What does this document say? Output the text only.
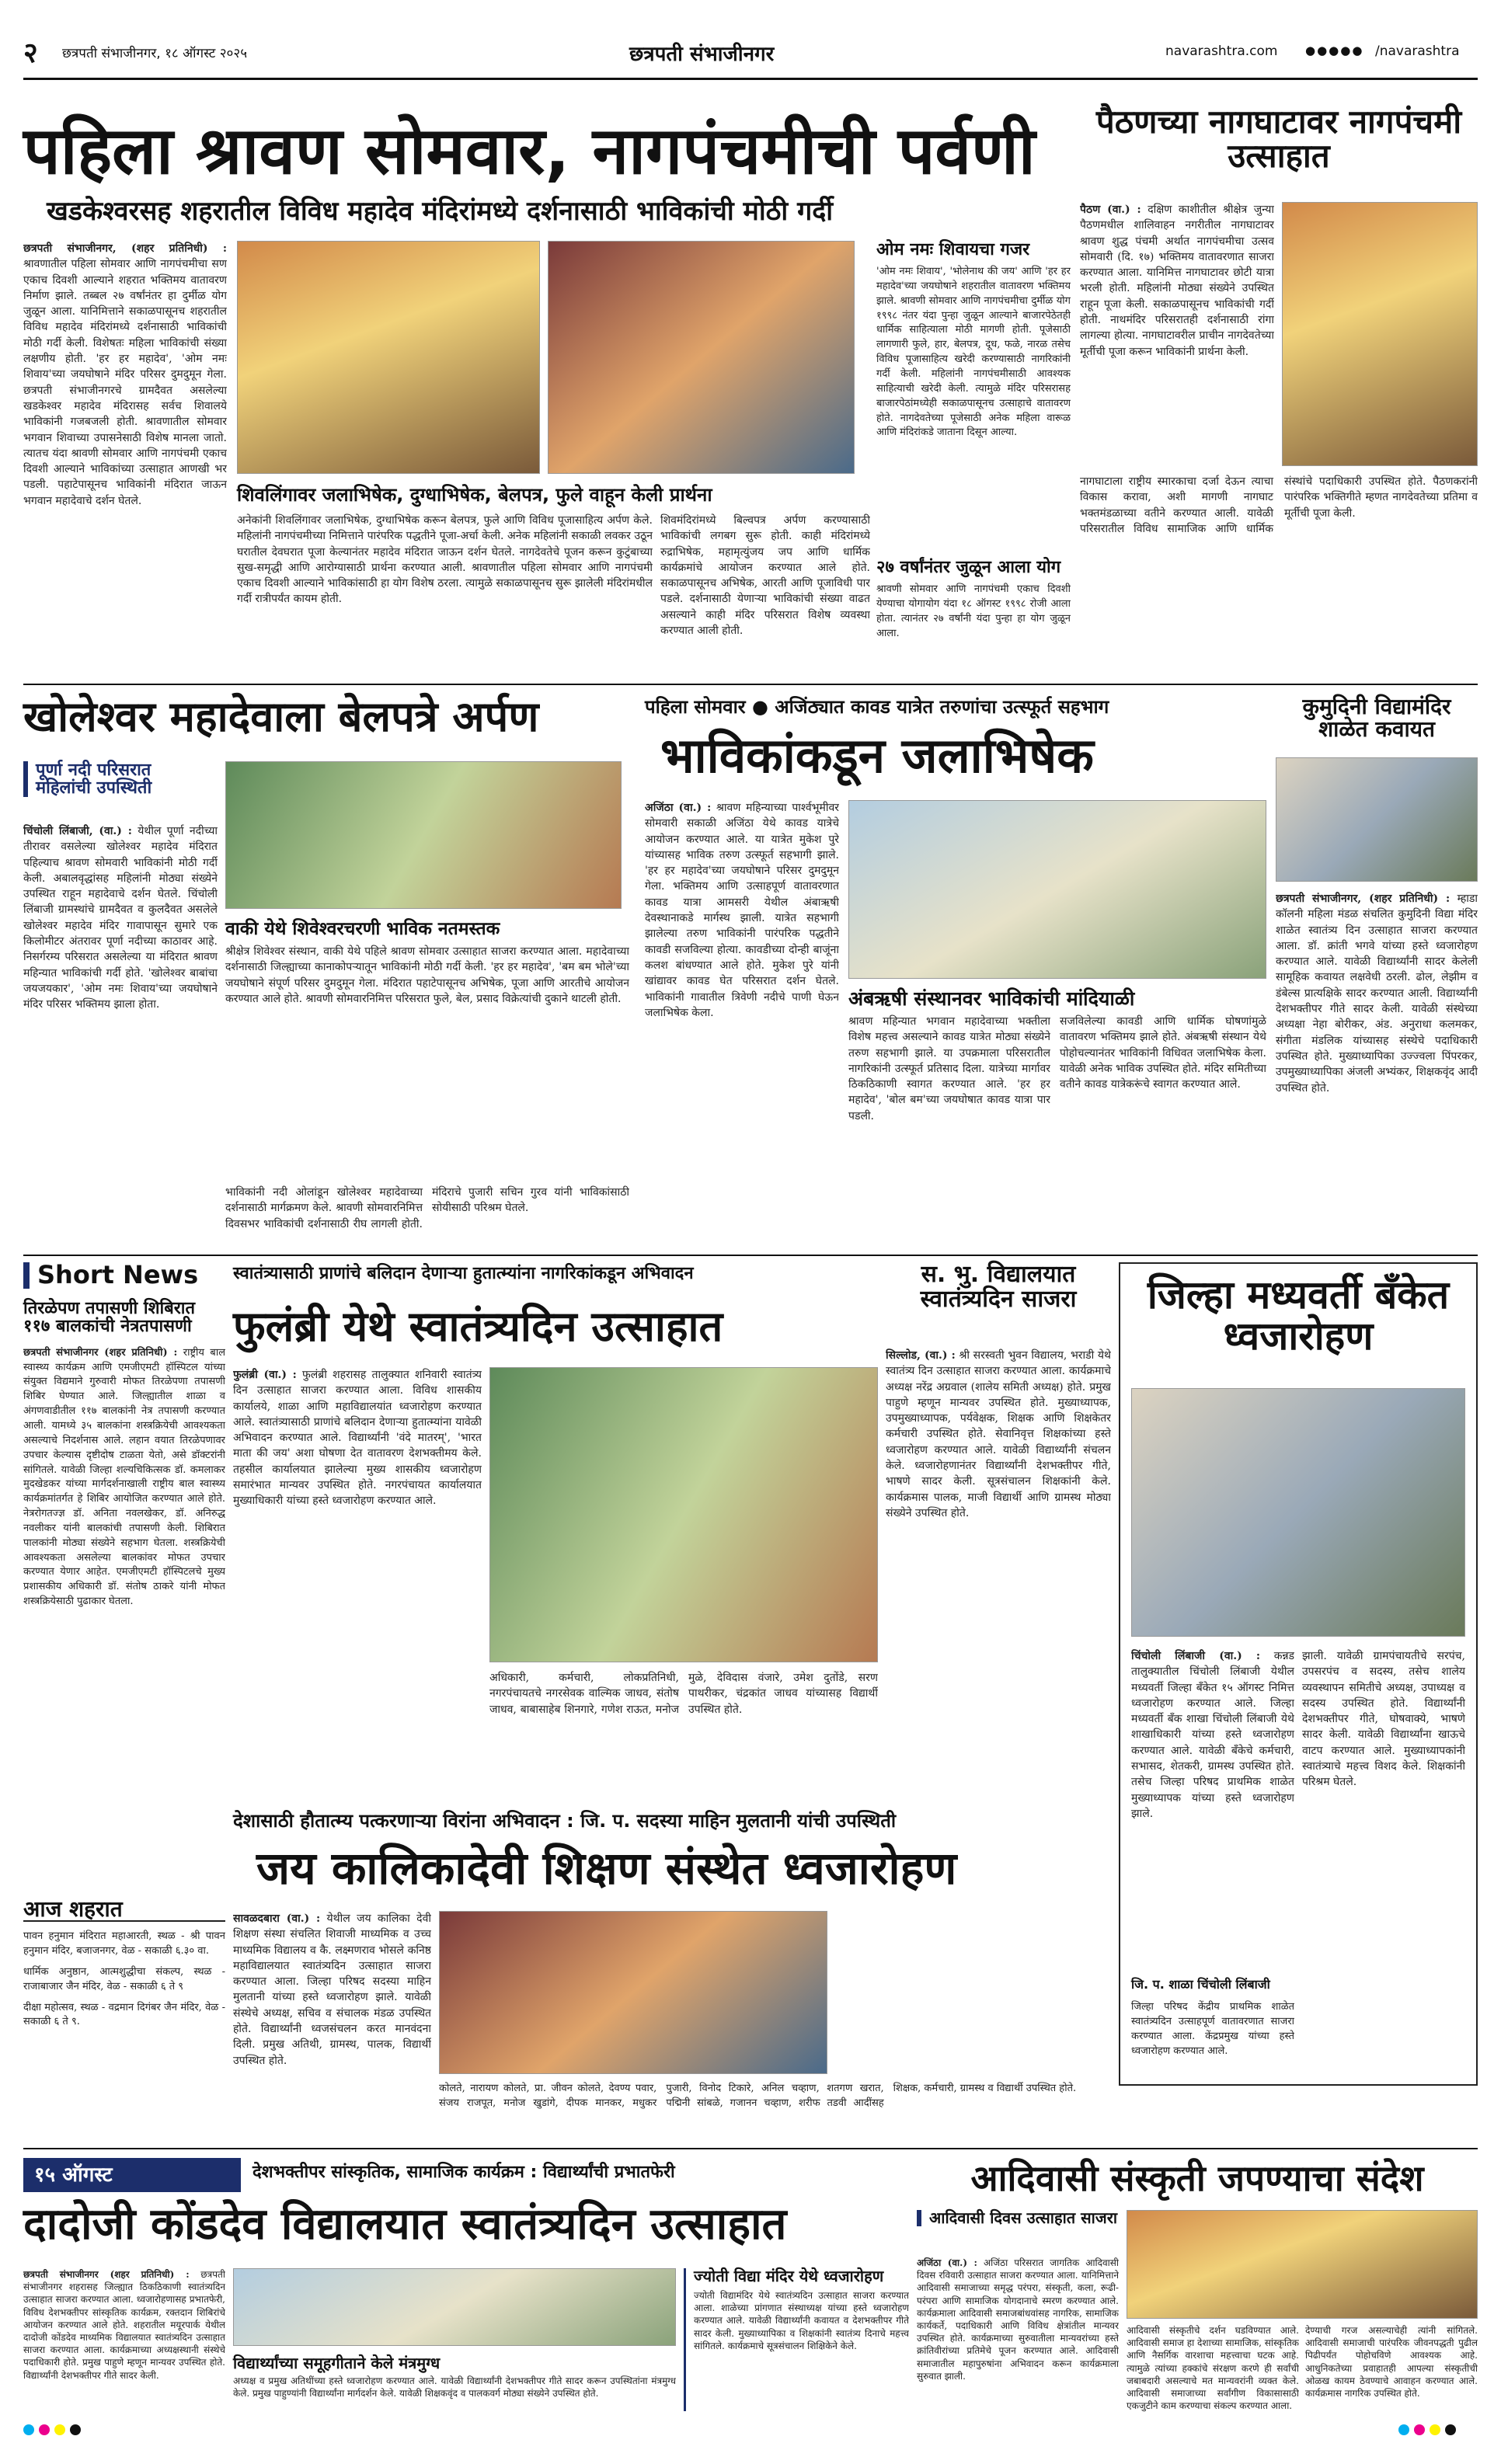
२ छत्रपती संभाजीनगर, १८ ऑगस्ट २०२५	छत्रपती संभाजीनगर	navarashtra.com ●●●●● /navarashtra
पहिला श्रावण सोमवार, नागपंचमीची पर्वणी
खडकेश्वरसह शहरातील विविध महादेव मंदिरांमध्ये दर्शनासाठी भाविकांची मोठी गर्दी
छत्रपती संभाजीनगर, (शहर प्रतिनिधी) : श्रावणातील पहिला सोमवार आणि नागपंचमीचा सण एकाच दिवशी आल्याने शहरात भक्तिमय वातावरण निर्माण झाले. तब्बल २७ वर्षांनंतर हा दुर्मीळ योग जुळून आला. यानिमित्ताने सकाळपासूनच शहरातील विविध महादेव मंदिरांमध्ये दर्शनासाठी भाविकांची मोठी गर्दी केली. विशेषतः महिला भाविकांची संख्या लक्षणीय होती. 'हर हर महादेव', 'ओम नमः शिवाय'च्या जयघोषाने मंदिर परिसर दुमदुमून गेला. छत्रपती संभाजीनगरचे ग्रामदैवत असलेल्या खडकेश्वर महादेव मंदिरासह सर्वच शिवालये भाविकांनी गजबजली होती. श्रावणातील सोमवार भगवान शिवाच्या उपासनेसाठी विशेष मानला जातो. त्यातच यंदा श्रावणी सोमवार आणि नागपंचमी एकाच दिवशी आल्याने भाविकांच्या उत्साहात आणखी भर पडली. पहाटेपासूनच भाविकांनी मंदिरात जाऊन भगवान महादेवाचे दर्शन घेतले.	शिवलिंगावर जलाभिषेक, दुग्धाभिषेक, बेलपत्र, फुले वाहून केली प्रार्थना
अनेकांनी शिवलिंगावर जलाभिषेक, दुग्धाभिषेक करून बेलपत्र, फुले आणि विविध पूजासाहित्य अर्पण केले. महिलांनी नागपंचमीच्या निमित्ताने पारंपरिक पद्धतीने पूजा-अर्चा केली. अनेक महिलांनी सकाळी लवकर उठून घरातील देवघरात पूजा केल्यानंतर महादेव मंदिरात जाऊन दर्शन घेतले. नागदेवतेचे पूजन करून कुटुंबाच्या सुख-समृद्धी आणि आरोग्यासाठी प्रार्थना करण्यात आली. श्रावणातील पहिला सोमवार आणि नागपंचमी एकाच दिवशी आल्याने भाविकांसाठी हा योग विशेष ठरला. त्यामुळे सकाळपासूनच सुरू झालेली मंदिरांमधील गर्दी रात्रीपर्यंत कायम होती.
शिवमंदिरांमध्ये बिल्वपत्र अर्पण करण्यासाठी भाविकांची लगबग सुरू होती. काही मंदिरांमध्ये रुद्राभिषेक, महामृत्युंजय जप आणि धार्मिक कार्यक्रमांचे आयोजन करण्यात आले होते. सकाळपासूनच अभिषेक, आरती आणि पूजाविधी पार पडले. दर्शनासाठी येणाऱ्या भाविकांची संख्या वाढत असल्याने काही मंदिर परिसरात विशेष व्यवस्था करण्यात आली होती.
ओम नमः शिवायचा गजर
'ओम नमः शिवाय', 'भोलेनाथ की जय' आणि 'हर हर महादेव'च्या जयघोषाने शहरातील वातावरण भक्तिमय झाले. श्रावणी सोमवार आणि नागपंचमीचा दुर्मीळ योग १९९८ नंतर यंदा पुन्हा जुळून आल्याने बाजारपेठेतही धार्मिक साहित्याला मोठी मागणी होती. पूजेसाठी लागणारी फुले, हार, बेलपत्र, दूध, फळे, नारळ तसेच विविध पूजासाहित्य खरेदी करण्यासाठी नागरिकांनी गर्दी केली. महिलांनी नागपंचमीसाठी आवश्यक साहित्याची खरेदी केली. त्यामुळे मंदिर परिसरासह बाजारपेठांमध्येही सकाळपासूनच उत्साहाचे वातावरण होते. नागदेवतेच्या पूजेसाठी अनेक महिला वारूळ आणि मंदिरांकडे जाताना दिसून आल्या.
२७ वर्षांनंतर जुळून आला योग
श्रावणी सोमवार आणि नागपंचमी एकाच दिवशी येण्याचा योगायोग यंदा १८ ऑगस्ट १९९८ रोजी आला होता. त्यानंतर २७ वर्षांनी यंदा पुन्हा हा योग जुळून आला.
पैठणच्या नागघाटावर नागपंचमी उत्साहात
पैठण (वा.) : दक्षिण काशीतील श्रीक्षेत्र जुन्या पैठणमधील शालिवाहन नगरीतील नागघाटावर श्रावण शुद्ध पंचमी अर्थात नागपंचमीचा उत्सव सोमवारी (दि. १७) भक्तिमय वातावरणात साजरा करण्यात आला. यानिमित्त नागघाटावर छोटी यात्रा भरली होती. महिलांनी मोठ्या संख्येने उपस्थित राहून पूजा केली. सकाळपासूनच भाविकांची गर्दी होती. नाथमंदिर परिसरातही दर्शनासाठी रांगा लागल्या होत्या. नागघाटावरील प्राचीन नागदेवतेच्या मूर्तीची पूजा करून भाविकांनी प्रार्थना केली.
नागघाटाला राष्ट्रीय स्मारकाचा दर्जा देऊन त्याचा विकास करावा, अशी मागणी नागघाट भक्तमंडळाच्या वतीने करण्यात आली. यावेळी परिसरातील विविध सामाजिक आणि धार्मिक संस्थांचे पदाधिकारी उपस्थित होते. पैठणकरांनी पारंपरिक भक्तिगीते म्हणत नागदेवतेच्या प्रतिमा व मूर्तीची पूजा केली.
खोलेश्वर महादेवाला बेलपत्रे अर्पण
पूर्णा नदी परिसरात महिलांची उपस्थिती
चिंचोली लिंबाजी, (वा.) : येथील पूर्णा नदीच्या तीरावर वसलेल्या खोलेश्वर महादेव मंदिरात पहिल्याच श्रावण सोमवारी भाविकांनी मोठी गर्दी केली. अबालवृद्धांसह महिलांनी मोठ्या संख्येने उपस्थित राहून महादेवाचे दर्शन घेतले. चिंचोली लिंबाजी ग्रामस्थांचे ग्रामदैवत व कुलदैवत असलेले खोलेश्वर महादेव मंदिर गावापासून सुमारे एक किलोमीटर अंतरावर पूर्णा नदीच्या काठावर आहे. निसर्गरम्य परिसरात असलेल्या या मंदिरात श्रावण महिन्यात भाविकांची गर्दी होते. 'खोलेश्वर बाबांचा जयजयकार', 'ओम नमः शिवाय'च्या जयघोषाने मंदिर परिसर भक्तिमय झाला होता.
वाकी येथे शिवेश्वरचरणी भाविक नतमस्तक
श्रीक्षेत्र शिवेश्वर संस्थान, वाकी येथे पहिले श्रावण सोमवार उत्साहात साजरा करण्यात आला. महादेवाच्या दर्शनासाठी जिल्ह्याच्या कानाकोपऱ्यातून भाविकांनी मोठी गर्दी केली. 'हर हर महादेव', 'बम बम भोले'च्या जयघोषाने संपूर्ण परिसर दुमदुमून गेला. मंदिरात पहाटेपासूनच अभिषेक, पूजा आणि आरतीचे आयोजन करण्यात आले होते. श्रावणी सोमवारनिमित्त परिसरात फुले, बेल, प्रसाद विक्रेत्यांची दुकाने थाटली होती.
भाविकांनी नदी ओलांडून खोलेश्वर महादेवाच्या दर्शनासाठी मार्गक्रमण केले. श्रावणी सोमवारनिमित्त दिवसभर भाविकांची दर्शनासाठी रीघ लागली होती. मंदिराचे पुजारी सचिन गुरव यांनी भाविकांसाठी सोयीसाठी परिश्रम घेतले.
पहिला सोमवार ● अजिंठ्यात कावड यात्रेत तरुणांचा उत्स्फूर्त सहभाग
भाविकांकडून जलाभिषेक
अजिंठा (वा.) : श्रावण महिन्याच्या पार्श्वभूमीवर सोमवारी सकाळी अजिंठा येथे कावड यात्रेचे आयोजन करण्यात आले. या यात्रेत मुकेश पुरे यांच्यासह भाविक तरुण उत्स्फूर्त सहभागी झाले. 'हर हर महादेव'च्या जयघोषाने परिसर दुमदुमून गेला. भक्तिमय आणि उत्साहपूर्ण वातावरणात कावड यात्रा आमसरी येथील अंबाऋषी देवस्थानाकडे मार्गस्थ झाली. यात्रेत सहभागी झालेल्या तरुण भाविकांनी पारंपरिक पद्धतीने कावडी सजविल्या होत्या. कावडीच्या दोन्ही बाजूंना कलश बांधण्यात आले होते. मुकेश पुरे यांनी खांद्यावर कावड घेत परिसरात दर्शन घेतले. भाविकांनी गावातील त्रिवेणी नदीचे पाणी घेऊन जलाभिषेक केला.
अंबऋषी संस्थानवर भाविकांची मांदियाळी
श्रावण महिन्यात भगवान महादेवाच्या भक्तीला विशेष महत्त्व असल्याने कावड यात्रेत मोठ्या संख्येने तरुण सहभागी झाले. या उपक्रमाला परिसरातील नागरिकांनी उत्स्फूर्त प्रतिसाद दिला. यात्रेच्या मार्गावर ठिकठिकाणी स्वागत करण्यात आले. 'हर हर महादेव', 'बोल बम'च्या जयघोषात कावड यात्रा पार पडली.
सजविलेल्या कावडी आणि धार्मिक घोषणांमुळे वातावरण भक्तिमय झाले होते. अंबऋषी संस्थान येथे पोहोचल्यानंतर भाविकांनी विधिवत जलाभिषेक केला. यावेळी अनेक भाविक उपस्थित होते. मंदिर समितीच्या वतीने कावड यात्रेकरूंचे स्वागत करण्यात आले.
कुमुदिनी विद्यामंदिर शाळेत कवायत
छत्रपती संभाजीनगर, (शहर प्रतिनिधी) : म्हाडा कॉलनी महिला मंडळ संचलित कुमुदिनी विद्या मंदिर शाळेत स्वातंत्र्य दिन उत्साहात साजरा करण्यात आला. डॉ. क्रांती भगवे यांच्या हस्ते ध्वजारोहण करण्यात आले. यावेळी विद्यार्थ्यांनी सादर केलेली सामूहिक कवायत लक्षवेधी ठरली. ढोल, लेझीम व डंबेल्स प्रात्यक्षिके सादर करण्यात आली. विद्यार्थ्यांनी देशभक्तीपर गीते सादर केली. यावेळी संस्थेच्या अध्यक्षा नेहा बोरीकर, अंड. अनुराधा कलमकर, संगीता मंडलिक यांच्यासह संस्थेचे पदाधिकारी उपस्थित होते. मुख्याध्यापिका उज्ज्वला पिंपरकर, उपमुख्याध्यापिका अंजली अभ्यंकर, शिक्षकवृंद आदी उपस्थित होते.
Short News
तिरळेपण तपासणी शिबिरात ११७ बालकांची नेत्रतपासणी
छत्रपती संभाजीनगर (शहर प्रतिनिधी) : राष्ट्रीय बाल स्वास्थ्य कार्यक्रम आणि एमजीएमटी हॉस्पिटल यांच्या संयुक्त विद्यमाने गुरुवारी मोफत तिरळेपणा तपासणी शिबिर घेण्यात आले. जिल्ह्यातील शाळा व अंगणवाडीतील ११७ बालकांनी नेत्र तपासणी करण्यात आली. यामध्ये ३५ बालकांना शस्त्रक्रियेची आवश्यकता असल्याचे निदर्शनास आले. लहान वयात तिरळेपणावर उपचार केल्यास दृष्टीदोष टाळता येतो, असे डॉक्टरांनी सांगितले. यावेळी जिल्हा शल्यचिकित्सक डॉ. कमलाकर मुदखेडकर यांच्या मार्गदर्शनाखाली राष्ट्रीय बाल स्वास्थ्य कार्यक्रमांतर्गत हे शिबिर आयोजित करण्यात आले होते. नेत्ररोगतज्ज्ञ डॉ. अनिता नवलखेकर, डॉ. अनिरुद्ध नवलीकर यांनी बालकांची तपासणी केली. शिबिरात पालकांनी मोठ्या संख्येने सहभाग घेतला. शस्त्रक्रियेची आवश्यकता असलेल्या बालकांवर मोफत उपचार करण्यात येणार आहेत. एमजीएमटी हॉस्पिटलचे मुख्य प्रशासकीय अधिकारी डॉ. संतोष ठाकरे यांनी मोफत शस्त्रक्रियेसाठी पुढाकार घेतला.
आज शहरात
पावन हनुमान मंदिरात महाआरती, स्थळ - श्री पावन हनुमान मंदिर, बजाजनगर, वेळ - सकाळी ६.३० वा.
धार्मिक अनुष्ठान, आत्मशुद्धीचा संकल्प, स्थळ - राजाबाजार जैन मंदिर, वेळ - सकाळी ६ ते ९
दीक्षा महोत्सव, स्थळ - वद्रमान दिगंबर जैन मंदिर, वेळ - सकाळी ६ ते ९.
स्वातंत्र्यासाठी प्राणांचे बलिदान देणाऱ्या हुतात्म्यांना नागरिकांकडून अभिवादन
फुलंब्री येथे स्वातंत्र्यदिन उत्साहात
फुलंब्री (वा.) : फुलंब्री शहरासह तालुक्यात शनिवारी स्वातंत्र्य दिन उत्साहात साजरा करण्यात आला. विविध शासकीय कार्यालये, शाळा आणि महाविद्यालयांत ध्वजारोहण करण्यात आले. स्वातंत्र्यासाठी प्राणांचे बलिदान देणाऱ्या हुतात्म्यांना यावेळी अभिवादन करण्यात आले. विद्यार्थ्यांनी 'वंदे मातरम्', 'भारत माता की जय' अशा घोषणा देत वातावरण देशभक्तीमय केले. तहसील कार्यालयात झालेल्या मुख्य शासकीय ध्वजारोहण समारंभात मान्यवर उपस्थित होते. नगरपंचायत कार्यालयात मुख्याधिकारी यांच्या हस्ते ध्वजारोहण करण्यात आले.
अधिकारी, कर्मचारी, लोकप्रतिनिधी, नगरपंचायतचे नगरसेवक वाल्मिक जाधव, संतोष जाधव, बाबासाहेब शिनगारे, गणेश राऊत, मनोज मुळे, देविदास वंजारे, उमेश दुतोंडे, सरण पाथरीकर, चंद्रकांत जाधव यांच्यासह विद्यार्थी उपस्थित होते.
स. भु. विद्यालयात स्वातंत्र्यदिन साजरा
सिल्लोड, (वा.) : श्री सरस्वती भुवन विद्यालय, भराडी येथे स्वातंत्र्य दिन उत्साहात साजरा करण्यात आला. कार्यक्रमाचे अध्यक्ष नरेंद्र अग्रवाल (शालेय समिती अध्यक्ष) होते. प्रमुख पाहुणे म्हणून मान्यवर उपस्थित होते. मुख्याध्यापक, उपमुख्याध्यापक, पर्यवेक्षक, शिक्षक आणि शिक्षकेतर कर्मचारी उपस्थित होते. सेवानिवृत्त शिक्षकांच्या हस्ते ध्वजारोहण करण्यात आले. यावेळी विद्यार्थ्यांनी संचलन केले. ध्वजारोहणानंतर विद्यार्थ्यांनी देशभक्तीपर गीते, भाषणे सादर केली. सूत्रसंचालन शिक्षकांनी केले. कार्यक्रमास पालक, माजी विद्यार्थी आणि ग्रामस्थ मोठ्या संख्येने उपस्थित होते.
जिल्हा मध्यवर्ती बँकेत ध्वजारोहण
चिंचोली लिंबाजी (वा.) : कन्नड तालुक्यातील चिंचोली लिंबाजी येथील मध्यवर्ती जिल्हा बँकेत १५ ऑगस्ट निमित्त ध्वजारोहण करण्यात आले. जिल्हा मध्यवर्ती बँक शाखा चिंचोली लिंबाजी येथे शाखाधिकारी यांच्या हस्ते ध्वजारोहण करण्यात आले. यावेळी बँकेचे कर्मचारी, सभासद, शेतकरी, ग्रामस्थ उपस्थित होते. तसेच जिल्हा परिषद प्राथमिक शाळेत मुख्याध्यापक यांच्या हस्ते ध्वजारोहण झाले.
झाली. यावेळी ग्रामपंचायतीचे सरपंच, उपसरपंच व सदस्य, तसेच शालेय व्यवस्थापन समितीचे अध्यक्ष, उपाध्यक्ष व सदस्य उपस्थित होते. विद्यार्थ्यांनी देशभक्तीपर गीते, घोषवाक्ये, भाषणे सादर केली. यावेळी विद्यार्थ्यांना खाऊचे वाटप करण्यात आले. मुख्याध्यापकांनी स्वातंत्र्याचे महत्त्व विशद केले. शिक्षकांनी परिश्रम घेतले.
जि. प. शाळा चिंचोली लिंबाजी
जिल्हा परिषद केंद्रीय प्राथमिक शाळेत स्वातंत्र्यदिन उत्साहपूर्ण वातावरणात साजरा करण्यात आला. केंद्रप्रमुख यांच्या हस्ते ध्वजारोहण करण्यात आले.
देशासाठी हौतात्म्य पत्करणाऱ्या विरांना अभिवादन : जि. प. सदस्या माहिन मुलतानी यांची उपस्थिती
जय कालिकादेवी शिक्षण संस्थेत ध्वजारोहण
सावळदबारा (वा.) : येथील जय कालिका देवी शिक्षण संस्था संचलित शिवाजी माध्यमिक व उच्च माध्यमिक विद्यालय व कै. लक्ष्मणराव भोसले कनिष्ठ महाविद्यालयात स्वातंत्र्यदिन उत्साहात साजरा करण्यात आला. जिल्हा परिषद सदस्या माहिन मुलतानी यांच्या हस्ते ध्वजारोहण झाले. यावेळी संस्थेचे अध्यक्ष, सचिव व संचालक मंडळ उपस्थित होते. विद्यार्थ्यांनी ध्वजसंचलन करत मानवंदना दिली. प्रमुख अतिथी, ग्रामस्थ, पालक, विद्यार्थी उपस्थित होते.
कोलते, नारायण कोलते, प्रा. जीवन कोलते, देवण्य पवार, संजय राजपूत, मनोज खुडांगे, दीपक मानकर, मधुकर पुजारी, विनोद टिकारे, अनिल चव्हाण, शतगण खरात, पद्मिनी सांबळे, गजानन चव्हाण, शरीफ तडवी आदींसह शिक्षक, कर्मचारी, ग्रामस्थ व विद्यार्थी उपस्थित होते.
१५ ऑगस्ट	देशभक्तीपर सांस्कृतिक, सामाजिक कार्यक्रम : विद्यार्थ्यांची प्रभातफेरी
दादोजी कोंडदेव विद्यालयात स्वातंत्र्यदिन उत्साहात
छत्रपती संभाजीनगर (शहर प्रतिनिधी) : छत्रपती संभाजीनगर शहरासह जिल्ह्यात ठिकठिकाणी स्वातंत्र्यदिन उत्साहात साजरा करण्यात आला. ध्वजारोहणासह प्रभातफेरी, विविध देशभक्तीपर सांस्कृतिक कार्यक्रम, रक्तदान शिबिरांचे आयोजन करण्यात आले होते. शहरातील मयूरपार्क येथील दादोजी कोंडदेव माध्यमिक विद्यालयात स्वातंत्र्यदिन उत्साहात साजरा करण्यात आला. कार्यक्रमाच्या अध्यक्षस्थानी संस्थेचे पदाधिकारी होते. प्रमुख पाहुणे म्हणून मान्यवर उपस्थित होते. विद्यार्थ्यांनी देशभक्तीपर गीते सादर केली.
विद्यार्थ्यांच्या समूहगीताने केले मंत्रमुग्ध
अध्यक्ष व प्रमुख अतिथींच्या हस्ते ध्वजारोहण करण्यात आले. यावेळी विद्यार्थ्यांनी देशभक्तीपर गीते सादर करून उपस्थितांना मंत्रमुग्ध केले. प्रमुख पाहुण्यांनी विद्यार्थ्यांना मार्गदर्शन केले. यावेळी शिक्षकवृंद व पालकवर्ग मोठ्या संख्येने उपस्थित होते.
ज्योती विद्या मंदिर येथे ध्वजारोहण
ज्योती विद्यामंदिर येथे स्वातंत्र्यदिन उत्साहात साजरा करण्यात आला. शाळेच्या प्रांगणात संस्थाध्यक्ष यांच्या हस्ते ध्वजारोहण करण्यात आले. यावेळी विद्यार्थ्यांनी कवायत व देशभक्तीपर गीते सादर केली. मुख्याध्यापिका व शिक्षकांनी स्वातंत्र्य दिनाचे महत्त्व सांगितले. कार्यक्रमाचे सूत्रसंचालन शिक्षिकेने केले.
आदिवासी संस्कृती जपण्याचा संदेश
आदिवासी दिवस उत्साहात साजरा
अजिंठा (वा.) : अजिंठा परिसरात जागतिक आदिवासी दिवस रविवारी उत्साहात साजरा करण्यात आला. यानिमित्ताने आदिवासी समाजाच्या समृद्ध परंपरा, संस्कृती, कला, रूढी-परंपरा आणि सामाजिक योगदानाचे स्मरण करण्यात आले. कार्यक्रमाला आदिवासी समाजबांधवांसह नागरिक, सामाजिक कार्यकर्ते, पदाधिकारी आणि विविध क्षेत्रांतील मान्यवर उपस्थित होते. कार्यक्रमाच्या सुरुवातीला मान्यवरांच्या हस्ते क्रांतिवीरांच्या प्रतिमेचे पूजन करण्यात आले. आदिवासी समाजातील महापुरुषांना अभिवादन करून कार्यक्रमाला सुरुवात झाली.
आदिवासी संस्कृतीचे दर्शन घडविण्यात आले. आदिवासी समाज हा देशाच्या सामाजिक, सांस्कृतिक आणि नैसर्गिक वारशाचा महत्त्वाचा घटक आहे. त्यामुळे त्यांच्या हक्कांचे संरक्षण करणे ही सर्वांची जबाबदारी असल्याचे मत मान्यवरांनी व्यक्त केले. आदिवासी समाजाच्या सर्वांगीण विकासासाठी एकजुटीने काम करण्याचा संकल्प करण्यात आला.
देण्याची गरज असल्याचेही त्यांनी सांगितले. आदिवासी समाजाची पारंपरिक जीवनपद्धती पुढील पिढीपर्यंत पोहोचविणे आवश्यक आहे. आधुनिकतेच्या प्रवाहातही आपल्या संस्कृतीची ओळख कायम ठेवण्याचे आवाहन करण्यात आले. कार्यक्रमास नागरिक उपस्थित होते.
